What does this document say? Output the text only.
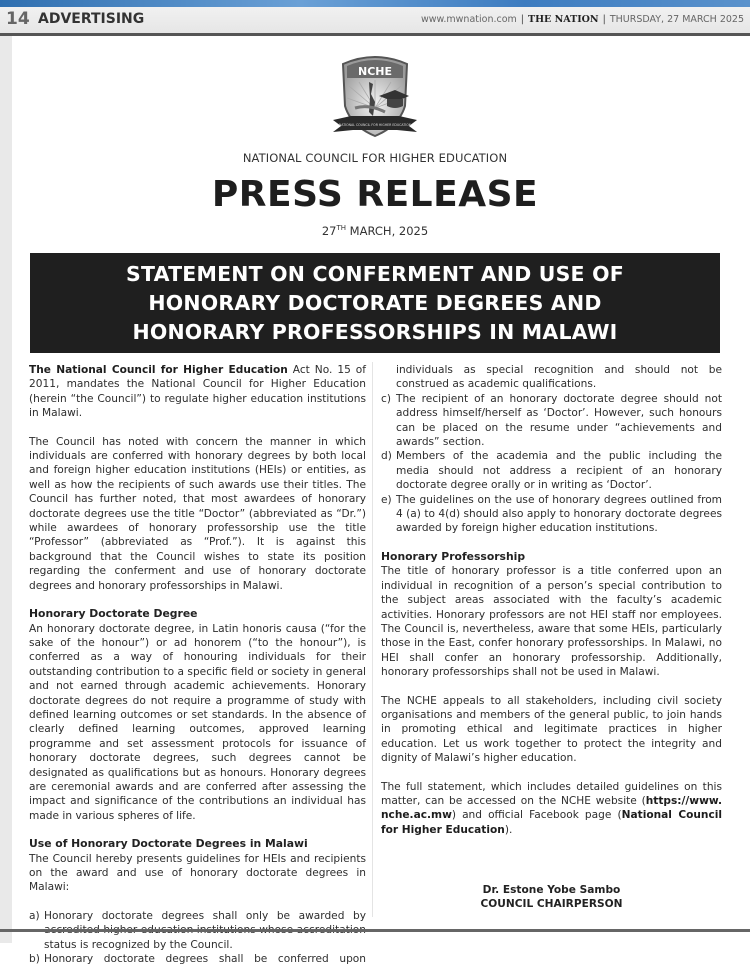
14 ADVERTISING	www.mwnation.com | THE NATION | THURSDAY, 27 MARCH 2025
NCHE
NATIONAL COUNCIL FOR HIGHER EDUCATION
NATIONAL COUNCIL FOR HIGHER EDUCATION
PRESS RELEASE
27TH MARCH, 2025
STATEMENT ON CONFERMENT AND USE OF
HONORARY DOCTORATE DEGREES AND
HONORARY PROFESSORSHIPS IN MALAWI

The National Council for Higher Education Act No. 15 of 2011, mandates the National Council for Higher Education (herein “the Council”) to regulate higher education institutions in Malawi.

The Council has noted with concern the manner in which individuals are conferred with honorary degrees by both local and foreign higher education institutions (HEIs) or entities, as well as how the recipients of such awards use their titles. The Council has further noted, that most awardees of honorary doctorate degrees use the title “Doctor” (abbreviated as “Dr.”) while awardees of honorary professorship use the title “Professor” (abbreviated as “Prof.”). It is against this background that the Council wishes to state its position regarding the conferment and use of honorary doctorate degrees and honorary professorships in Malawi.

Honorary Doctorate Degree

An honorary doctorate degree, in Latin honoris causa (“for the sake of the honour”) or ad honorem (“to the honour”), is conferred as a way of honouring individuals for their outstanding contribution to a specific field or society in general and not earned through academic achievements. Honorary doctorate degrees do not require a programme of study with defined learning outcomes or set standards. In the absence of clearly defined learning outcomes, approved learning programme and set assessment protocols for issuance of honorary doctorate degrees, such degrees cannot be designated as qualifications but as honours. Honorary degrees are ceremonial awards and are conferred after assessing the impact and significance of the contributions an individual has made in various spheres of life.

Use of Honorary Doctorate Degrees in Malawi

The Council hereby presents guidelines for HEIs and recipients on the award and use of honorary doctorate degrees in Malawi:

a) Honorary doctorate degrees shall only be awarded by status is recognized by the Council.
b) Honorary doctorate degrees shall be conferred upon
individuals as special recognition and should not be construed as academic qualifications.
c) The recipient of an honorary doctorate degree should not address himself/herself as ‘Doctor’. However, such honours can be placed on the resume under “achievements and awards” section.
d) Members of the academia and the public including the media should not address a recipient of an honorary doctorate degree orally or in writing as ‘Doctor’.
e) The guidelines on the use of honorary degrees outlined from 4 (a) to 4(d) should also apply to honorary doctorate degrees awarded by foreign higher education institutions.
Honorary Professorship

The title of honorary professor is a title conferred upon an individual in recognition of a person’s special contribution to the subject areas associated with the faculty’s academic activities. Honorary professors are not HEI staff nor employees. The Council is, nevertheless, aware that some HEIs, particularly those in the East, confer honorary professorships. In Malawi, no HEI shall confer an honorary professorship. Additionally, honorary professorships shall not be used in Malawi.

The NCHE appeals to all stakeholders, including civil society organisations and members of the general public, to join hands in promoting ethical and legitimate practices in higher education. Let us work together to protect the integrity and dignity of Malawi’s higher education.

The full statement, which includes detailed guidelines on this matter, can be accessed on the NCHE website (https://www. nche.ac.mw) and official Facebook page (National Council for Higher Education).

Dr. Estone Yobe Sambo
COUNCIL CHAIRPERSON
